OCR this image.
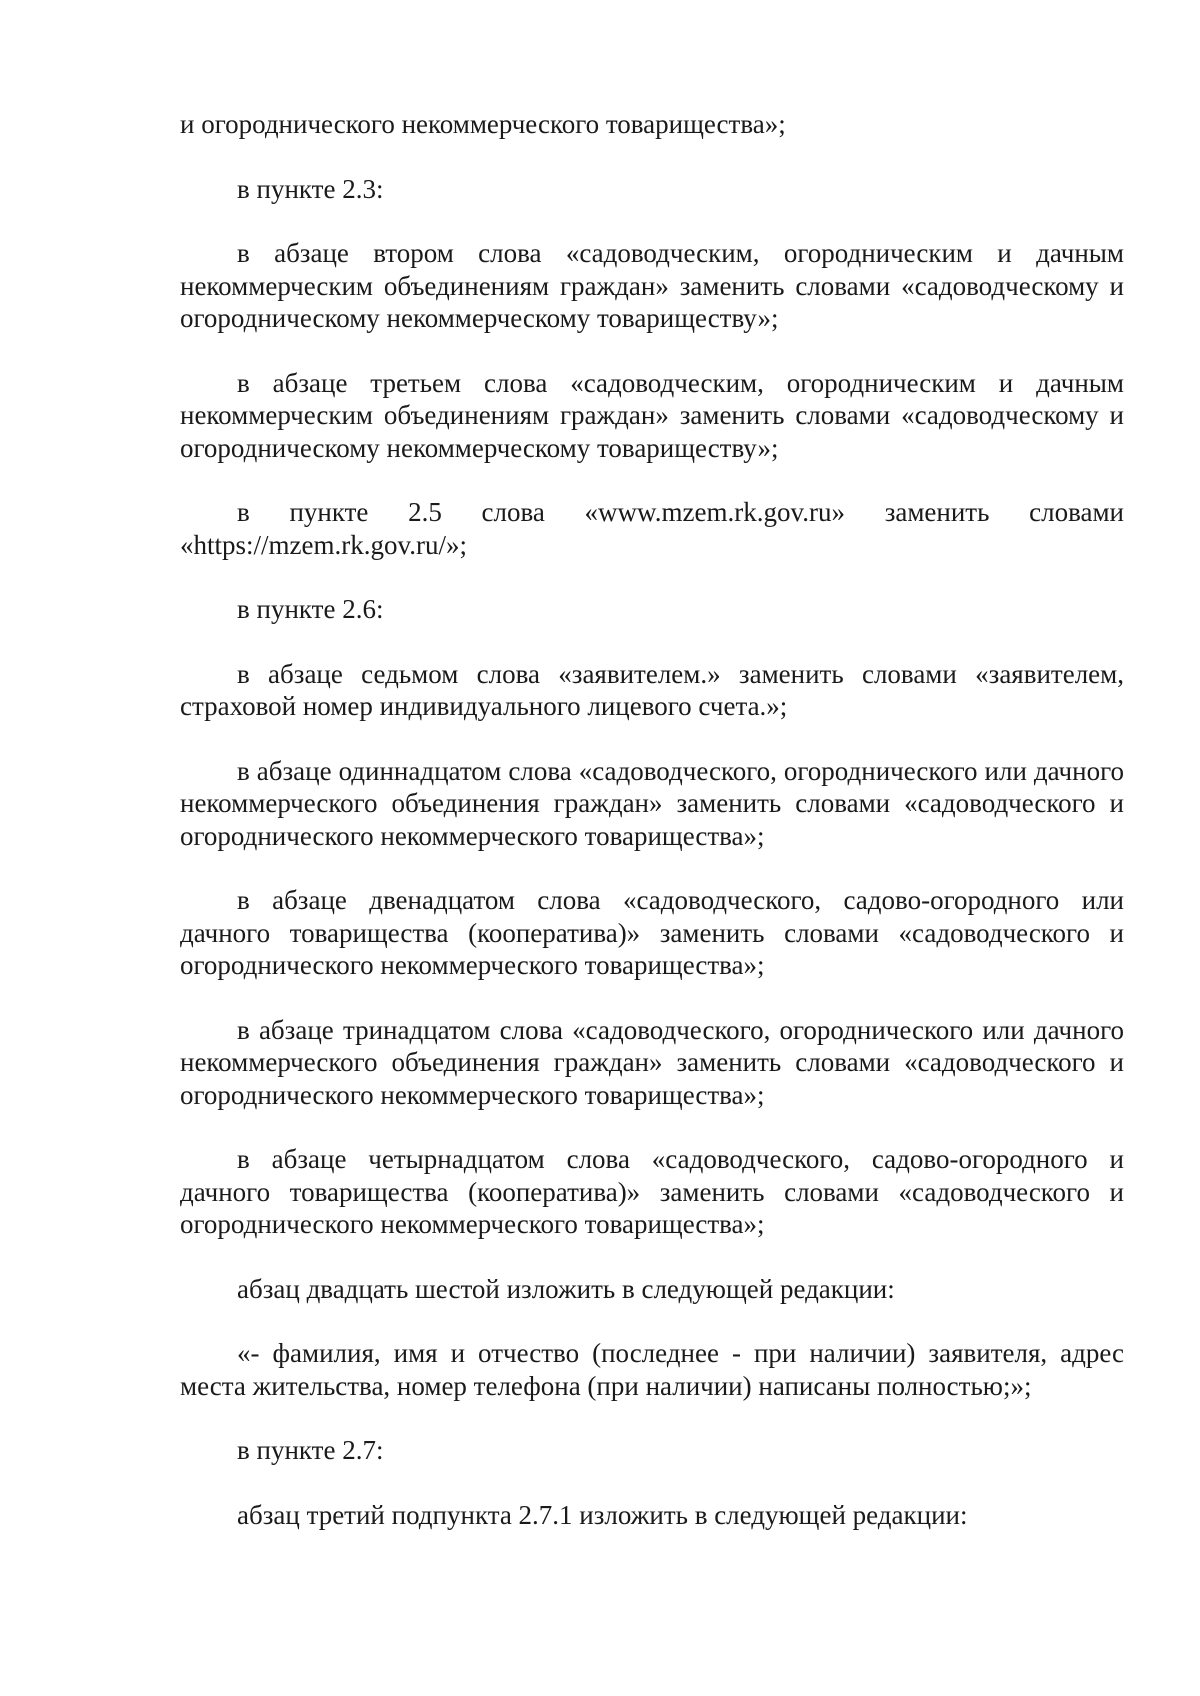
и огороднического некоммерческого товарищества»;

в пункте 2.3:

в абзаце втором слова «садоводческим, огородническим и дачным некоммерческим объединениям граждан» заменить словами «садоводческому и огородническому некоммерческому товариществу»;

в абзаце третьем слова «садоводческим, огородническим и дачным некоммерческим объединениям граждан» заменить словами «садоводческому и огородническому некоммерческому товариществу»;

в пункте 2.5 слова «www.mzem.rk.gov.ru» заменить словами «https://mzem.rk.gov.ru/»;

в пункте 2.6:

в абзаце седьмом слова «заявителем.» заменить словами «заявителем, страховой номер индивидуального лицевого счета.»;

в абзаце одиннадцатом слова «садоводческого, огороднического или дачного некоммерческого объединения граждан» заменить словами «садоводческого и огороднического некоммерческого товарищества»;

в абзаце двенадцатом слова «садоводческого, садово-огородного или дачного товарищества (кооператива)» заменить словами «садоводческого и огороднического некоммерческого товарищества»;

в абзаце тринадцатом слова «садоводческого, огороднического или дачного некоммерческого объединения граждан» заменить словами «садоводческого и огороднического некоммерческого товарищества»;

в абзаце четырнадцатом слова «садоводческого, садово-огородного и дачного товарищества (кооператива)» заменить словами «садоводческого и огороднического некоммерческого товарищества»;

абзац двадцать шестой изложить в следующей редакции:

«- фамилия, имя и отчество (последнее - при наличии) заявителя, адрес места жительства, номер телефона (при наличии) написаны полностью;»;

в пункте 2.7:

абзац третий подпункта 2.7.1 изложить в следующей редакции:
